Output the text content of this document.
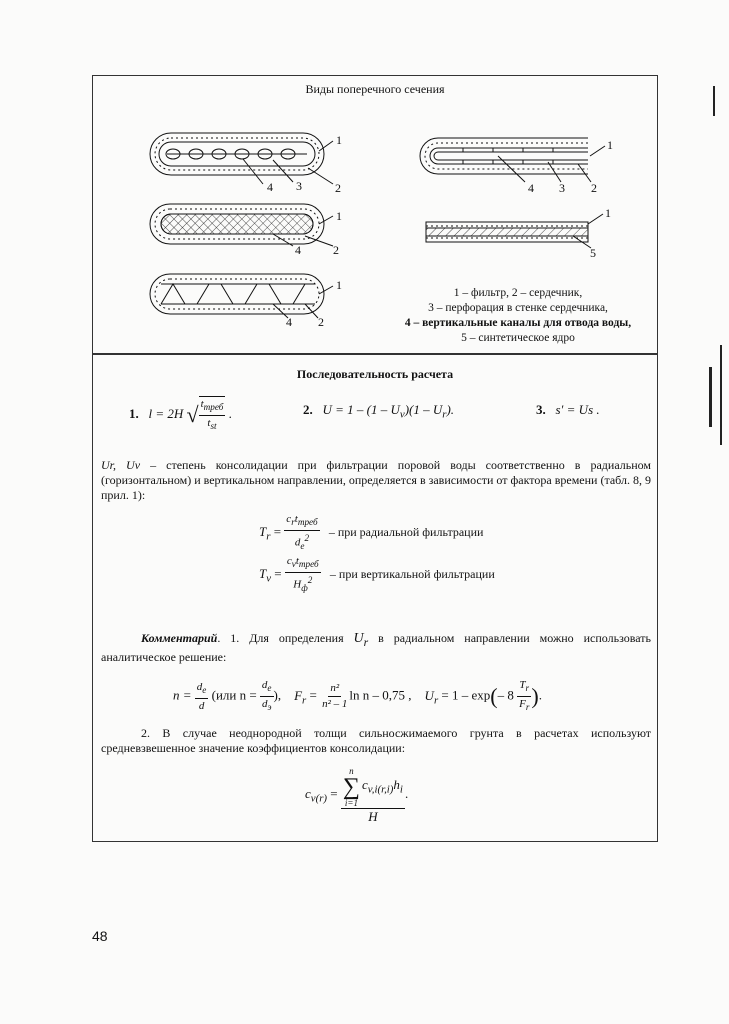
Виды поперечного сечения
1
2
3
4
1
2
4
1
2
4
1
2
3
4
1
5
1 – фильтр, 2 – сердечник,
3 – перфорация в стенке сердечника,
4 – вертикальные каналы для отвода воды,
5 – синтетическое ядро
Последовательность расчета
1. l = 2H √ $\frac{t_{треб}}{t_{st}}$ .	2. $U = 1 - (1 - U_v)(1 - U_r)$.	3. s′ = Us .
Ur, Uv – степень консолидации при фильтрации поровой воды соответственно в радиальном (горизонтальном) и вертикальном направлении, определяется в зависимости от фактора времени (табл. 8, 9 прил. 1):
$T_r = \frac{c_rt_{треб}}{d_e^2}$ – при радиальной фильтрации
$T_v = \frac{c_vt_{треб}}{H_ф^2}$ – при вертикальной фильтрации
Комментарий. 1. Для определения $U_r$ в радиальном направлении можно использовать аналитическое решение:
$n = \frac{d_e}{d} (или$ $n = \frac{d_e}{d_э}$ ), $F_r = \frac{\text{n²}}{\text{n² – 1}}$ ln n – 0,75 , $U_r = 1 - \exp(-$ $8 \frac{T_r}{F_r}$ ).
2. В случае неоднородной толщи сильносжимаемого грунта в расчетах используют средневзвешенное значение коэффициентов консолидации:
$c_{v(r)} = n$
∑
i=1
$c_{v,i(r,i)}h_i$
H .
48
